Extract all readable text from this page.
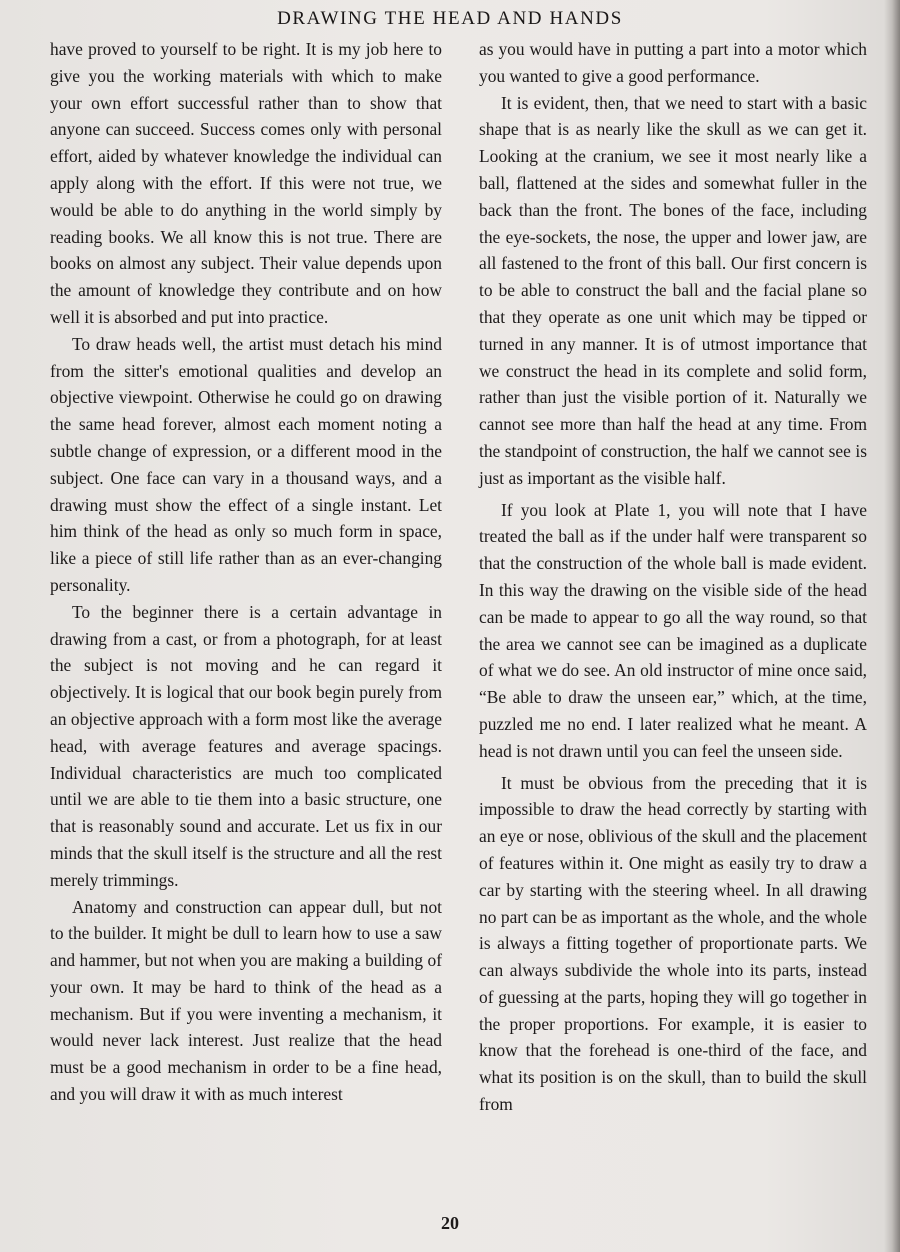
DRAWING THE HEAD AND HANDS

have proved to yourself to be right. It is my job here to give you the working materials with which to make your own effort successful rather than to show that anyone can succeed. Success comes only with personal effort, aided by whatever knowledge the individual can apply along with the effort. If this were not true, we would be able to do anything in the world simply by reading books. We all know this is not true. There are books on almost any subject. Their value depends upon the amount of knowledge they contribute and on how well it is absorbed and put into practice.

To draw heads well, the artist must detach his mind from the sitter's emotional qualities and develop an objective viewpoint. Otherwise he could go on drawing the same head forever, almost each moment noting a subtle change of expression, or a different mood in the subject. One face can vary in a thousand ways, and a drawing must show the effect of a single instant. Let him think of the head as only so much form in space, like a piece of still life rather than as an ever-changing personality.

To the beginner there is a certain advantage in drawing from a cast, or from a photograph, for at least the subject is not moving and he can regard it objectively. It is logical that our book begin purely from an objective approach with a form most like the average head, with average features and average spacings. Individual characteristics are much too complicated until we are able to tie them into a basic structure, one that is reasonably sound and accurate. Let us fix in our minds that the skull itself is the structure and all the rest merely trimmings.

Anatomy and construction can appear dull, but not to the builder. It might be dull to learn how to use a saw and hammer, but not when you are making a building of your own. It may be hard to think of the head as a mechanism. But if you were inventing a mechanism, it would never lack interest. Just realize that the head must be a good mechanism in order to be a fine head, and you will draw it with as much interest

as you would have in putting a part into a motor which you wanted to give a good performance.

It is evident, then, that we need to start with a basic shape that is as nearly like the skull as we can get it. Looking at the cranium, we see it most nearly like a ball, flattened at the sides and somewhat fuller in the back than the front. The bones of the face, including the eye-sockets, the nose, the upper and lower jaw, are all fastened to the front of this ball. Our first concern is to be able to construct the ball and the facial plane so that they operate as one unit which may be tipped or turned in any manner. It is of utmost importance that we construct the head in its complete and solid form, rather than just the visible portion of it. Naturally we cannot see more than half the head at any time. From the standpoint of construction, the half we cannot see is just as important as the visible half.

If you look at Plate 1, you will note that I have treated the ball as if the under half were transparent so that the construction of the whole ball is made evident. In this way the drawing on the visible side of the head can be made to appear to go all the way round, so that the area we cannot see can be imagined as a duplicate of what we do see. An old instructor of mine once said, “Be able to draw the unseen ear,” which, at the time, puzzled me no end. I later realized what he meant. A head is not drawn until you can feel the unseen side.

It must be obvious from the preceding that it is impossible to draw the head correctly by starting with an eye or nose, oblivious of the skull and the placement of features within it. One might as easily try to draw a car by starting with the steering wheel. In all drawing no part can be as important as the whole, and the whole is always a fitting together of proportionate parts. We can always subdivide the whole into its parts, instead of guessing at the parts, hoping they will go together in the proper proportions. For example, it is easier to know that the forehead is one-third of the face, and what its position is on the skull, than to build the skull from

20
